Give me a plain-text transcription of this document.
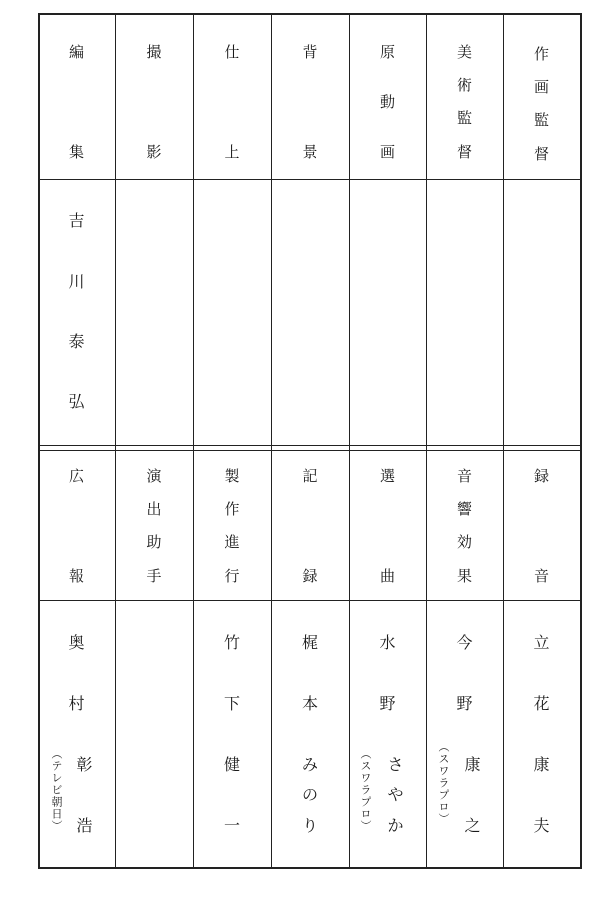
編
集
撮
影
仕
上
背
景
原
動
画
美
術
監
督
作
画
監
督
吉
川
泰
弘
広
報
演
出
助
手
製
作
進
行
記
録
選
曲
音
響
効
果
録
音
奥
村
彰
浩
（テレビ朝日）
竹
下
健
一
梶
本
み
の
り
水
野
さ
や
か
（スワラプロ）
今
野
康
之
（スワラプロ）
立
花
康
夫
